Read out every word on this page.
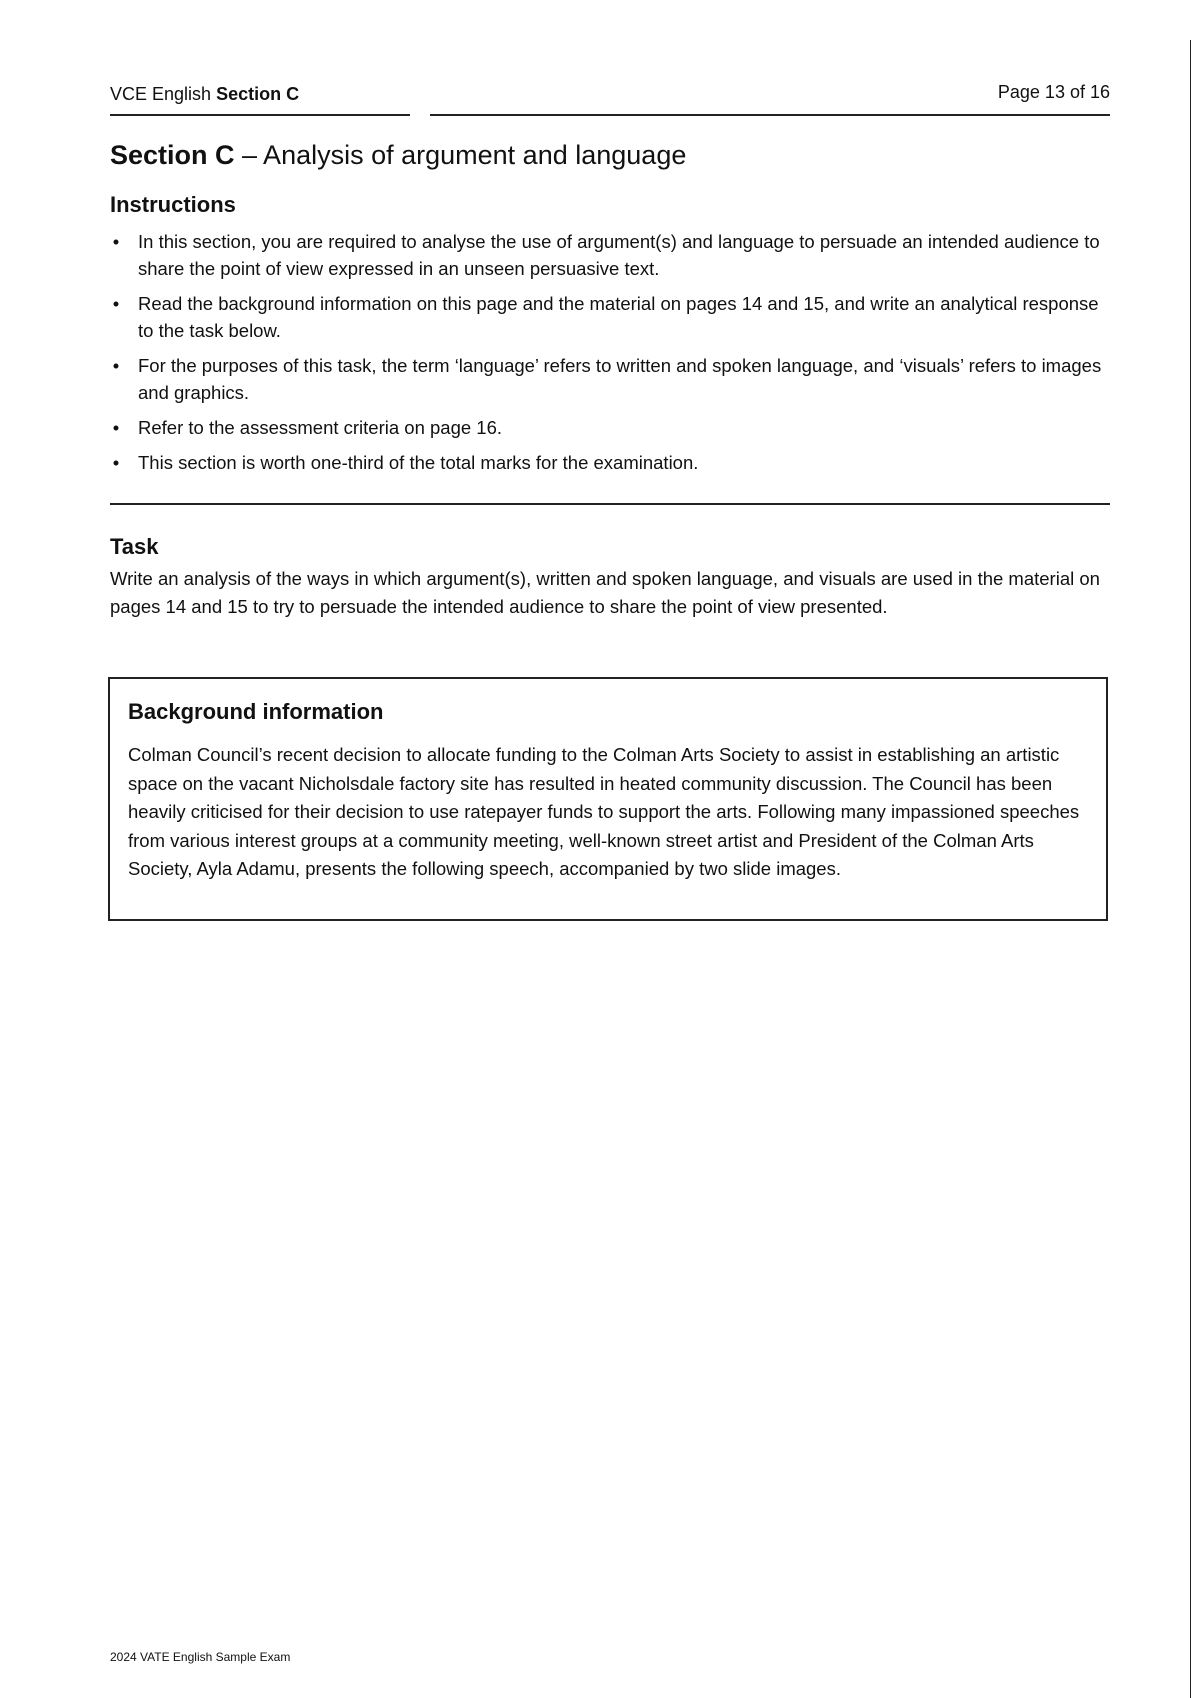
VCE English Section C	Page 13 of 16
Section C – Analysis of argument and language
Instructions
• In this section, you are required to analyse the use of argument(s) and language to persuade an intended audience to share the point of view expressed in an unseen persuasive text.
• Read the background information on this page and the material on pages 14 and 15, and write an analytical response to the task below.
• For the purposes of this task, the term ‘language’ refers to written and spoken language, and ‘visuals’ refers to images and graphics.
• Refer to the assessment criteria on page 16.
• This section is worth one-third of the total marks for the examination.
Task
Write an analysis of the ways in which argument(s), written and spoken language, and visuals are used in the material on pages 14 and 15 to try to persuade the intended audience to share the point of view presented.
Background information
Colman Council’s recent decision to allocate funding to the Colman Arts Society to assist in establishing an artistic space on the vacant Nicholsdale factory site has resulted in heated community discussion. The Council has been heavily criticised for their decision to use ratepayer funds to support the arts. Following many impassioned speeches from various interest groups at a community meeting, well-known street artist and President of the Colman Arts Society, Ayla Adamu, presents the following speech, accompanied by two slide images.
2024 VATE English Sample Exam
